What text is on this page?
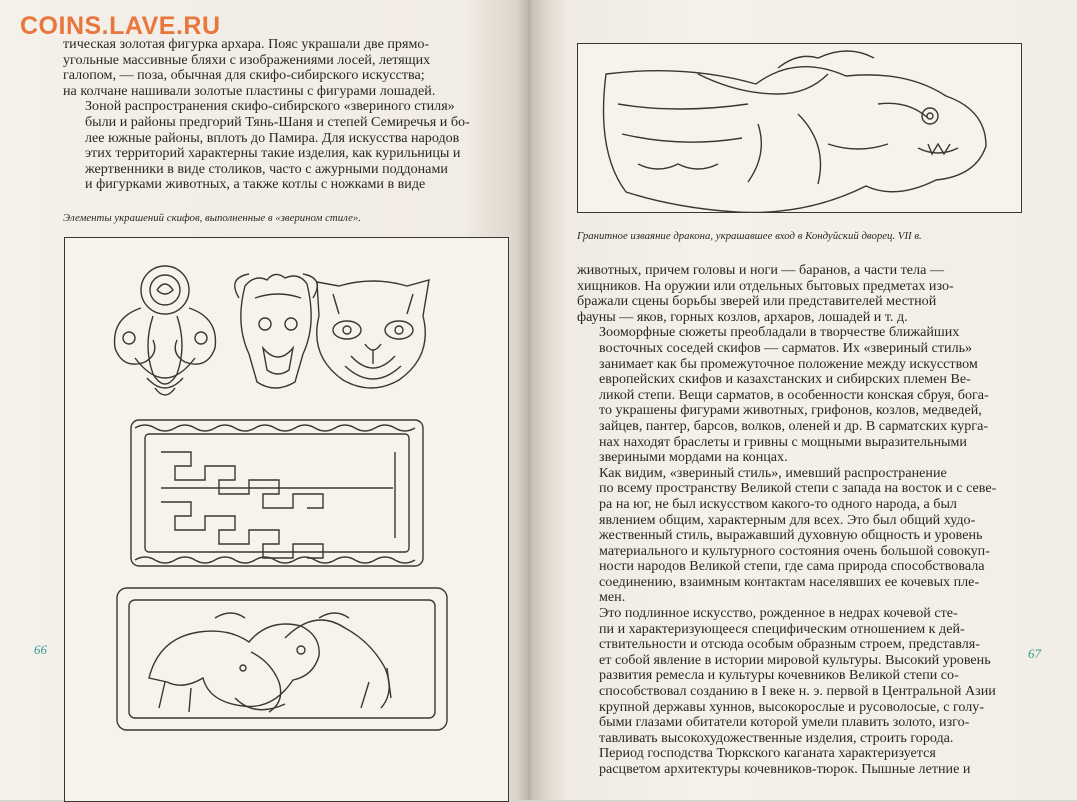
COINS.LAVE.RU

тическая золотая фигурка архара. Пояс украшали две прямо-
угольные массивные бляхи с изображениями лосей, летящих
галопом, — поза, обычная для скифо-сибирского искусства;
на колчане нашивали золотые пластины с фигурами лошадей.

Зоной распространения скифо-сибирского «звериного стиля»
были и районы предгорий Тянь-Шаня и степей Семиречья и бо-
лее южные районы, вплоть до Памира. Для искусства народов
этих территорий характерны такие изделия, как курильницы и
жертвенники в виде столиков, часто с ажурными поддонами
и фигурками животных, а также котлы с ножками в виде

Элементы украшений скифов, выполненные в «зверином стиле».
66
Гранитное изваяние дракона, украшавшее вход в Кондуйский дворец. VII в.

животных, причем головы и ноги — баранов, а части тела —
хищников. На оружии или отдельных бытовых предметах изо-
бражали сцены борьбы зверей или представителей местной
фауны — яков, горных козлов, архаров, лошадей и т. д.

Зооморфные сюжеты преобладали в творчестве ближайших
восточных соседей скифов — сарматов. Их «звериный стиль»
занимает как бы промежуточное положение между искусством
европейских скифов и казахстанских и сибирских племен Ве-
ликой степи. Вещи сарматов, в особенности конская сбруя, бога-
то украшены фигурами животных, грифонов, козлов, медведей,
зайцев, пантер, барсов, волков, оленей и др. В сарматских курга-
нах находят браслеты и гривны с мощными выразительными
звериными мордами на концах.

Как видим, «звериный стиль», имевший распространение
по всему пространству Великой степи с запада на восток и с севе-
ра на юг, не был искусством какого-то одного народа, а был
явлением общим, характерным для всех. Это был общий худо-
жественный стиль, выражавший духовную общность и уровень
материального и культурного состояния очень большой совокуп-
ности народов Великой степи, где сама природа способствовала
соединению, взаимным контактам населявших ее кочевых пле-
мен.

Это подлинное искусство, рожденное в недрах кочевой сте-
пи и характеризующееся специфическим отношением к дей-
ствительности и отсюда особым образным строем, представля-
ет собой явление в истории мировой культуры. Высокий уровень
развития ремесла и культуры кочевников Великой степи со-
способствовал созданию в I веке н. э. первой в Центральной Азии
крупной державы хуннов, высокорослые и русоволосые, с голу-
быми глазами обитатели которой умели плавить золото, изго-
тавливать высокохудожественные изделия, строить города.

Период господства Тюркского каганата характеризуется
расцветом архитектуры кочевников-тюрок. Пышные летние и

67
